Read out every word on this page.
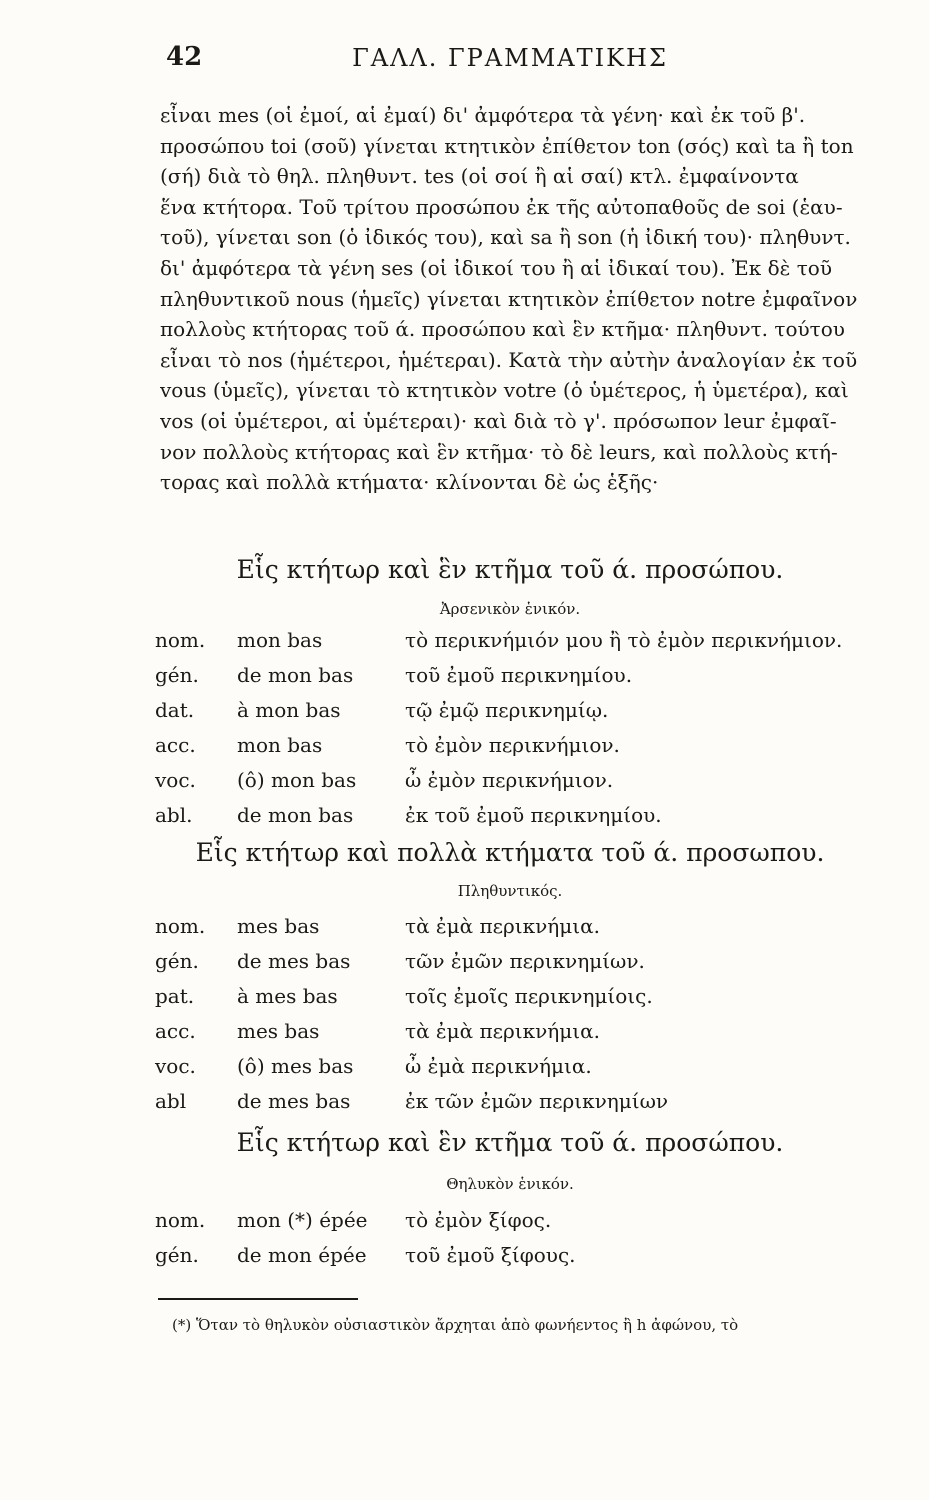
42	ΓΑΛΛ. ΓΡΑΜΜΑΤΙΚΗΣ
εἶναι mes (οἱ ἐμοί, αἱ ἐμαί) δι' ἀμφότερα τὰ γένη· καὶ ἐκ τοῦ β'.
προσώπου toi (σοῦ) γίνεται κτητικὸν ἐπίθετον ton (σός) καὶ ta ἢ ton
(σή) διὰ τὸ θηλ. πληθυντ. tes (οἱ σοί ἢ αἱ σαί) κτλ. ἐμφαίνοντα
ἕνα κτήτορα. Τοῦ τρίτου προσώπου ἐκ τῆς αὐτοπαθοῦς de soi (ἑαυ-
τοῦ), γίνεται son (ὁ ἰδικός του), καὶ sa ἢ son (ἡ ἰδική του)· πληθυντ.
δι' ἀμφότερα τὰ γένη ses (οἱ ἰδικοί του ἢ αἱ ἰδικαί του). Ἐκ δὲ τοῦ
πληθυντικοῦ nous (ἡμεῖς) γίνεται κτητικὸν ἐπίθετον notre ἐμφαῖνον
πολλοὺς κτήτορας τοῦ ά. προσώπου καὶ ἓν κτῆμα· πληθυντ. τούτου
εἶναι τὸ nos (ἡμέτεροι, ἡμέτεραι). Κατὰ τὴν αὐτὴν ἀναλογίαν ἐκ τοῦ
vous (ὑμεῖς), γίνεται τὸ κτητικὸν votre (ὁ ὑμέτερος, ἡ ὑμετέρα), καὶ
vos (οἱ ὑμέτεροι, αἱ ὑμέτεραι)· καὶ διὰ τὸ γ'. πρόσωπον leur ἐμφαῖ-
νον πολλοὺς κτήτορας καὶ ἓν κτῆμα· τὸ δὲ leurs, καὶ πολλοὺς κτή-
τορας καὶ πολλὰ κτήματα· κλίνονται δὲ ὡς ἑξῆς·
Εἷς κτήτωρ καὶ ἓν κτῆμα τοῦ ά. προσώπου.
Ἀρσενικὸν ἑνικόν.
nom. mon bas	τὸ περικνήμιόν μου ἢ τὸ ἐμὸν περικνήμιον.
gén. de mon bas	τοῦ ἐμοῦ περικνημίου.
dat. à mon bas	τῷ ἐμῷ περικνημίῳ.
acc. mon bas	τὸ ἐμὸν περικνήμιον.
voc. (ô) mon bas ὦ ἐμὸν περικνήμιον.
abl. de mon bas	ἐκ τοῦ ἐμοῦ περικνημίου.
Εἷς κτήτωρ καὶ πολλὰ κτήματα τοῦ ά. προσωπου.
Πληθυντικός.
nom. mes bas	τὰ ἐμὰ περικνήμια.
gén. de mes bas	τῶν ἐμῶν περικνημίων.
pat. à mes bas	τοῖς ἐμοῖς περικνημίοις.
acc. mes bas	τὰ ἐμὰ περικνήμια.
voc. (ô) mes bas	ὦ ἐμὰ περικνήμια.
abl	de mes bas	ἐκ τῶν ἐμῶν περικνημίων
Εἷς κτήτωρ καὶ ἓν κτῆμα τοῦ ά. προσώπου.
Θηλυκὸν ἑνικόν.
nom. mon (*) épée τὸ ἐμὸν ξίφος.
gén. de mon épée τοῦ ἐμοῦ ξίφους.
(*) Ὅταν τὸ θηλυκὸν οὐσιαστικὸν ἄρχηται ἀπὸ φωνήεντος ἢ h ἀφώνου, τὸ
